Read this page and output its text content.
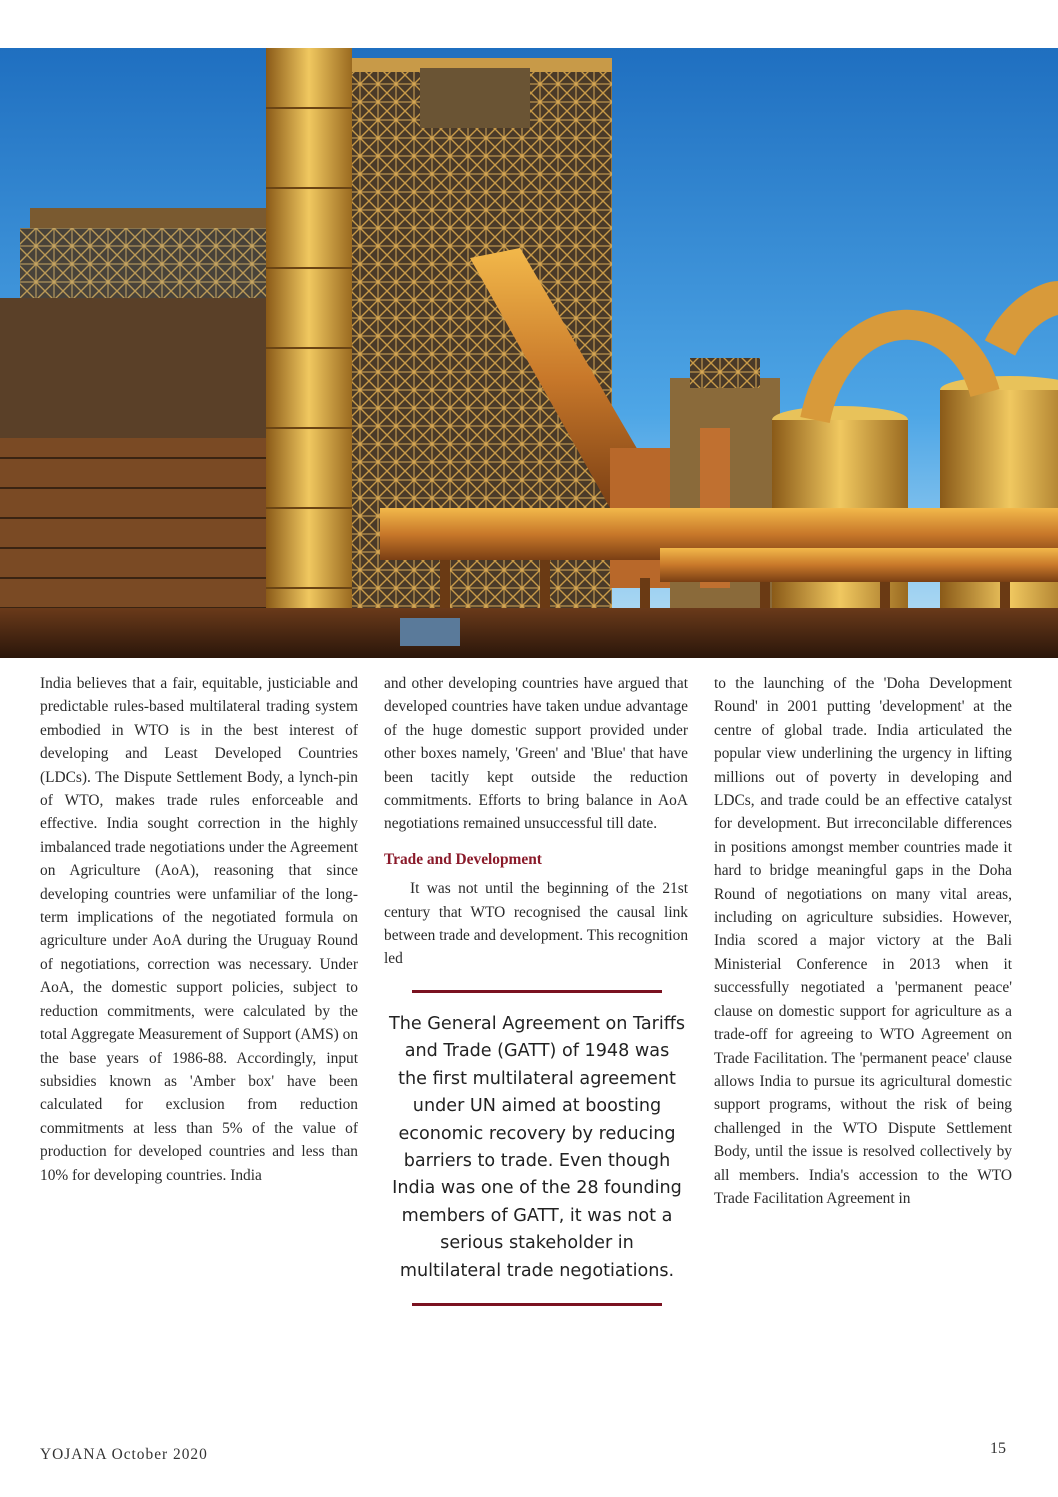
India believes that a fair, equitable, justiciable and predictable rules-based multilateral trading system embodied in WTO is in the best interest of developing and Least Developed Countries (LDCs). The Dispute Settlement Body, a lynch-pin of WTO, makes trade rules enforceable and effective. India sought correction in the highly imbalanced trade negotiations under the Agreement on Agriculture (AoA), reasoning that since developing countries were unfamiliar of the long-term implications of the negotiated formula on agriculture under AoA during the Uruguay Round of negotiations, correction was necessary. Under AoA, the domestic support policies, subject to reduction commitments, were calculated by the total Aggregate Measurement of Support (AMS) on the base years of 1986-88. Accordingly, input subsidies known as 'Amber box' have been calculated for exclusion from reduction commitments at less than 5% of the value of production for developed countries and less than 10% for developing countries. India

and other developing countries have argued that developed countries have taken undue advantage of the huge domestic support provided under other boxes namely, 'Green' and 'Blue' that have been tacitly kept outside the reduction commitments. Efforts to bring balance in AoA negotiations remained unsuccessful till date.

Trade and Development

It was not until the beginning of the 21st century that WTO recognised the causal link between trade and development. This recognition led

The General Agreement on Tariffs and Trade (GATT) of 1948 was the first multilateral agreement under UN aimed at boosting economic recovery by reducing barriers to trade. Even though India was one of the 28 founding members of GATT, it was not a serious stakeholder in multilateral trade negotiations.

to the launching of the 'Doha Development Round' in 2001 putting 'development' at the centre of global trade. India articulated the popular view underlining the urgency in lifting millions out of poverty in developing and LDCs, and trade could be an effective catalyst for development. But irreconcilable differences in positions amongst member countries made it hard to bridge meaningful gaps in the Doha Round of negotiations on many vital areas, including on agriculture subsidies. However, India scored a major victory at the Bali Ministerial Conference in 2013 when it successfully negotiated a 'permanent peace' clause on domestic support for agriculture as a trade-off for agreeing to WTO Agreement on Trade Facilitation. The 'permanent peace' clause allows India to pursue its agricultural domestic support programs, without the risk of being challenged in the WTO Dispute Settlement Body, until the issue is resolved collectively by all members. India's accession to the WTO Trade Facilitation Agreement in

YOJANA October 2020	15
